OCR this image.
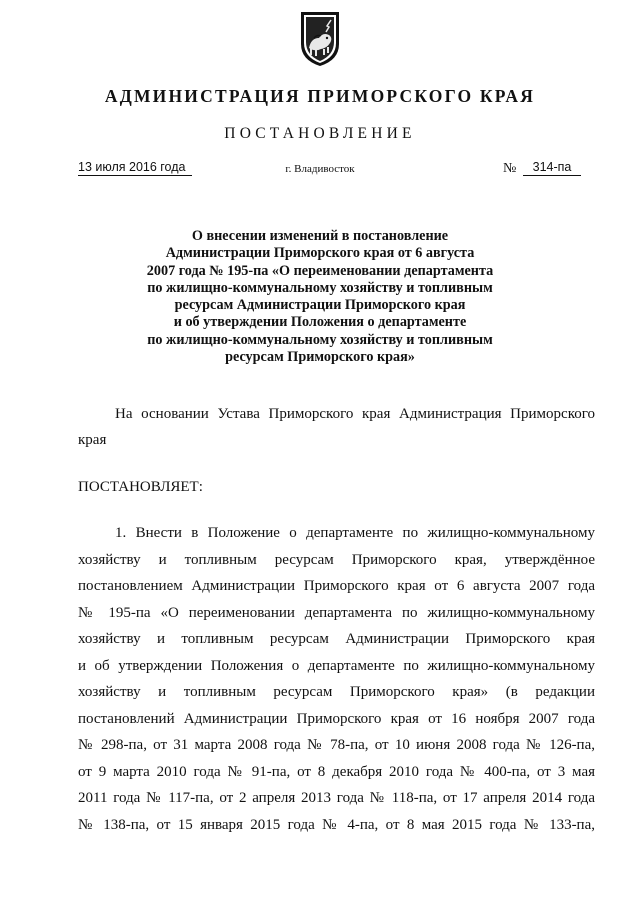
АДМИНИСТРАЦИЯ ПРИМОРСКОГО КРАЯ
ПОСТАНОВЛЕНИЕ
13 июля 2016 года	г. Владивосток	№	314-па
О внесении изменений в постановление
Администрации Приморского края от 6 августа
2007 года № 195-па «О переименовании департамента
по жилищно-коммунальному хозяйству и топливным
ресурсам Администрации Приморского края
и об утверждении Положения о департаменте
по жилищно-коммунальному хозяйству и топливным
ресурсам Приморского края»
На основании Устава Приморского края Администрация Приморского
края
ПОСТАНОВЛЯЕТ:
1. Внести в Положение о департаменте по жилищно-коммунальному
хозяйству и топливным ресурсам Приморского края, утверждённое
постановлением Администрации Приморского края от 6 августа 2007 года
№ 195-па «О переименовании департамента по жилищно-коммунальному
хозяйству и топливным ресурсам Администрации Приморского края
и об утверждении Положения о департаменте по жилищно-коммунальному
хозяйству и топливным ресурсам Приморского края» (в редакции
постановлений Администрации Приморского края от 16 ноября 2007 года
№ 298-па, от 31 марта 2008 года № 78-па, от 10 июня 2008 года № 126-па,
от 9 марта 2010 года № 91-па, от 8 декабря 2010 года № 400-па, от 3 мая
2011 года № 117-па, от 2 апреля 2013 года № 118-па, от 17 апреля 2014 года
№ 138-па, от 15 января 2015 года № 4-па, от 8 мая 2015 года № 133-па,
